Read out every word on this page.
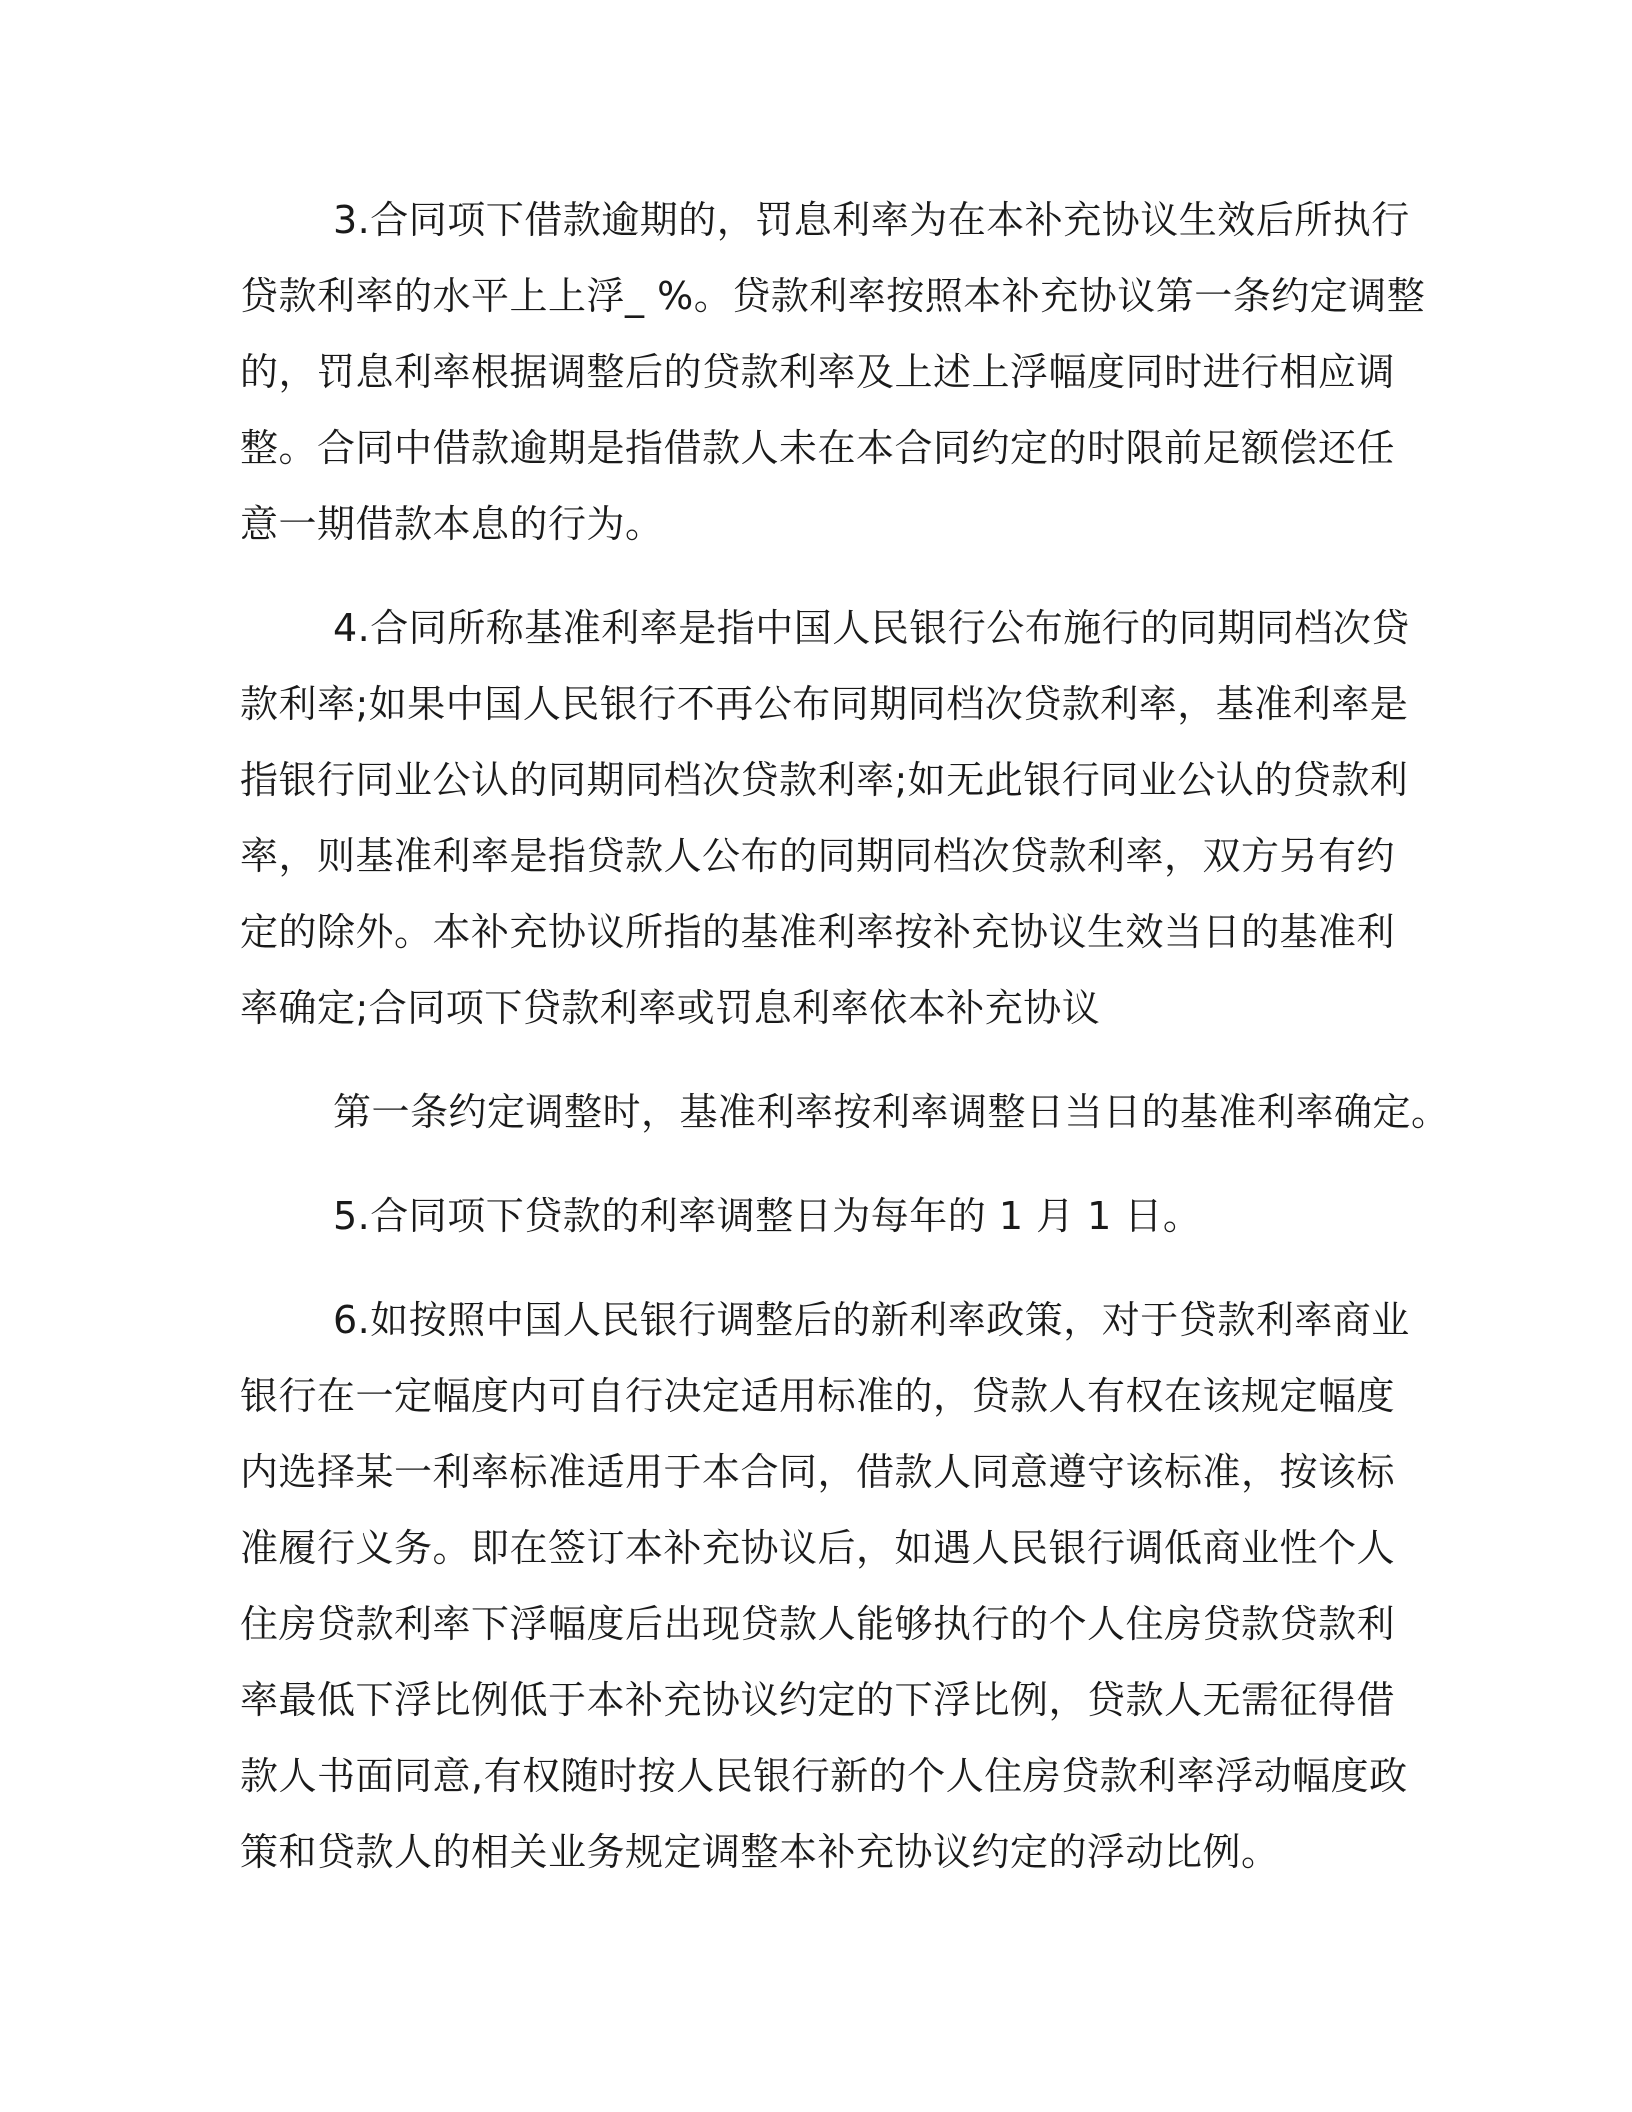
3.合同项下借款逾期的，罚息利率为在本补充协议生效后所执行
贷款利率的水平上上浮_ %。贷款利率按照本补充协议第一条约定调整
的，罚息利率根据调整后的贷款利率及上述上浮幅度同时进行相应调
整。合同中借款逾期是指借款人未在本合同约定的时限前足额偿还任
意一期借款本息的行为。
4.合同所称基准利率是指中国人民银行公布施行的同期同档次贷
款利率;如果中国人民银行不再公布同期同档次贷款利率，基准利率是
指银行同业公认的同期同档次贷款利率;如无此银行同业公认的贷款利
率，则基准利率是指贷款人公布的同期同档次贷款利率，双方另有约
定的除外。本补充协议所指的基准利率按补充协议生效当日的基准利
率确定;合同项下贷款利率或罚息利率依本补充协议
第一条约定调整时，基准利率按利率调整日当日的基准利率确定。
5.合同项下贷款的利率调整日为每年的 1 月 1 日。
6.如按照中国人民银行调整后的新利率政策，对于贷款利率商业
银行在一定幅度内可自行决定适用标准的，贷款人有权在该规定幅度
内选择某一利率标准适用于本合同，借款人同意遵守该标准，按该标
准履行义务。即在签订本补充协议后，如遇人民银行调低商业性个人
住房贷款利率下浮幅度后出现贷款人能够执行的个人住房贷款贷款利
率最低下浮比例低于本补充协议约定的下浮比例，贷款人无需征得借
款人书面同意,有权随时按人民银行新的个人住房贷款利率浮动幅度政
策和贷款人的相关业务规定调整本补充协议约定的浮动比例。
